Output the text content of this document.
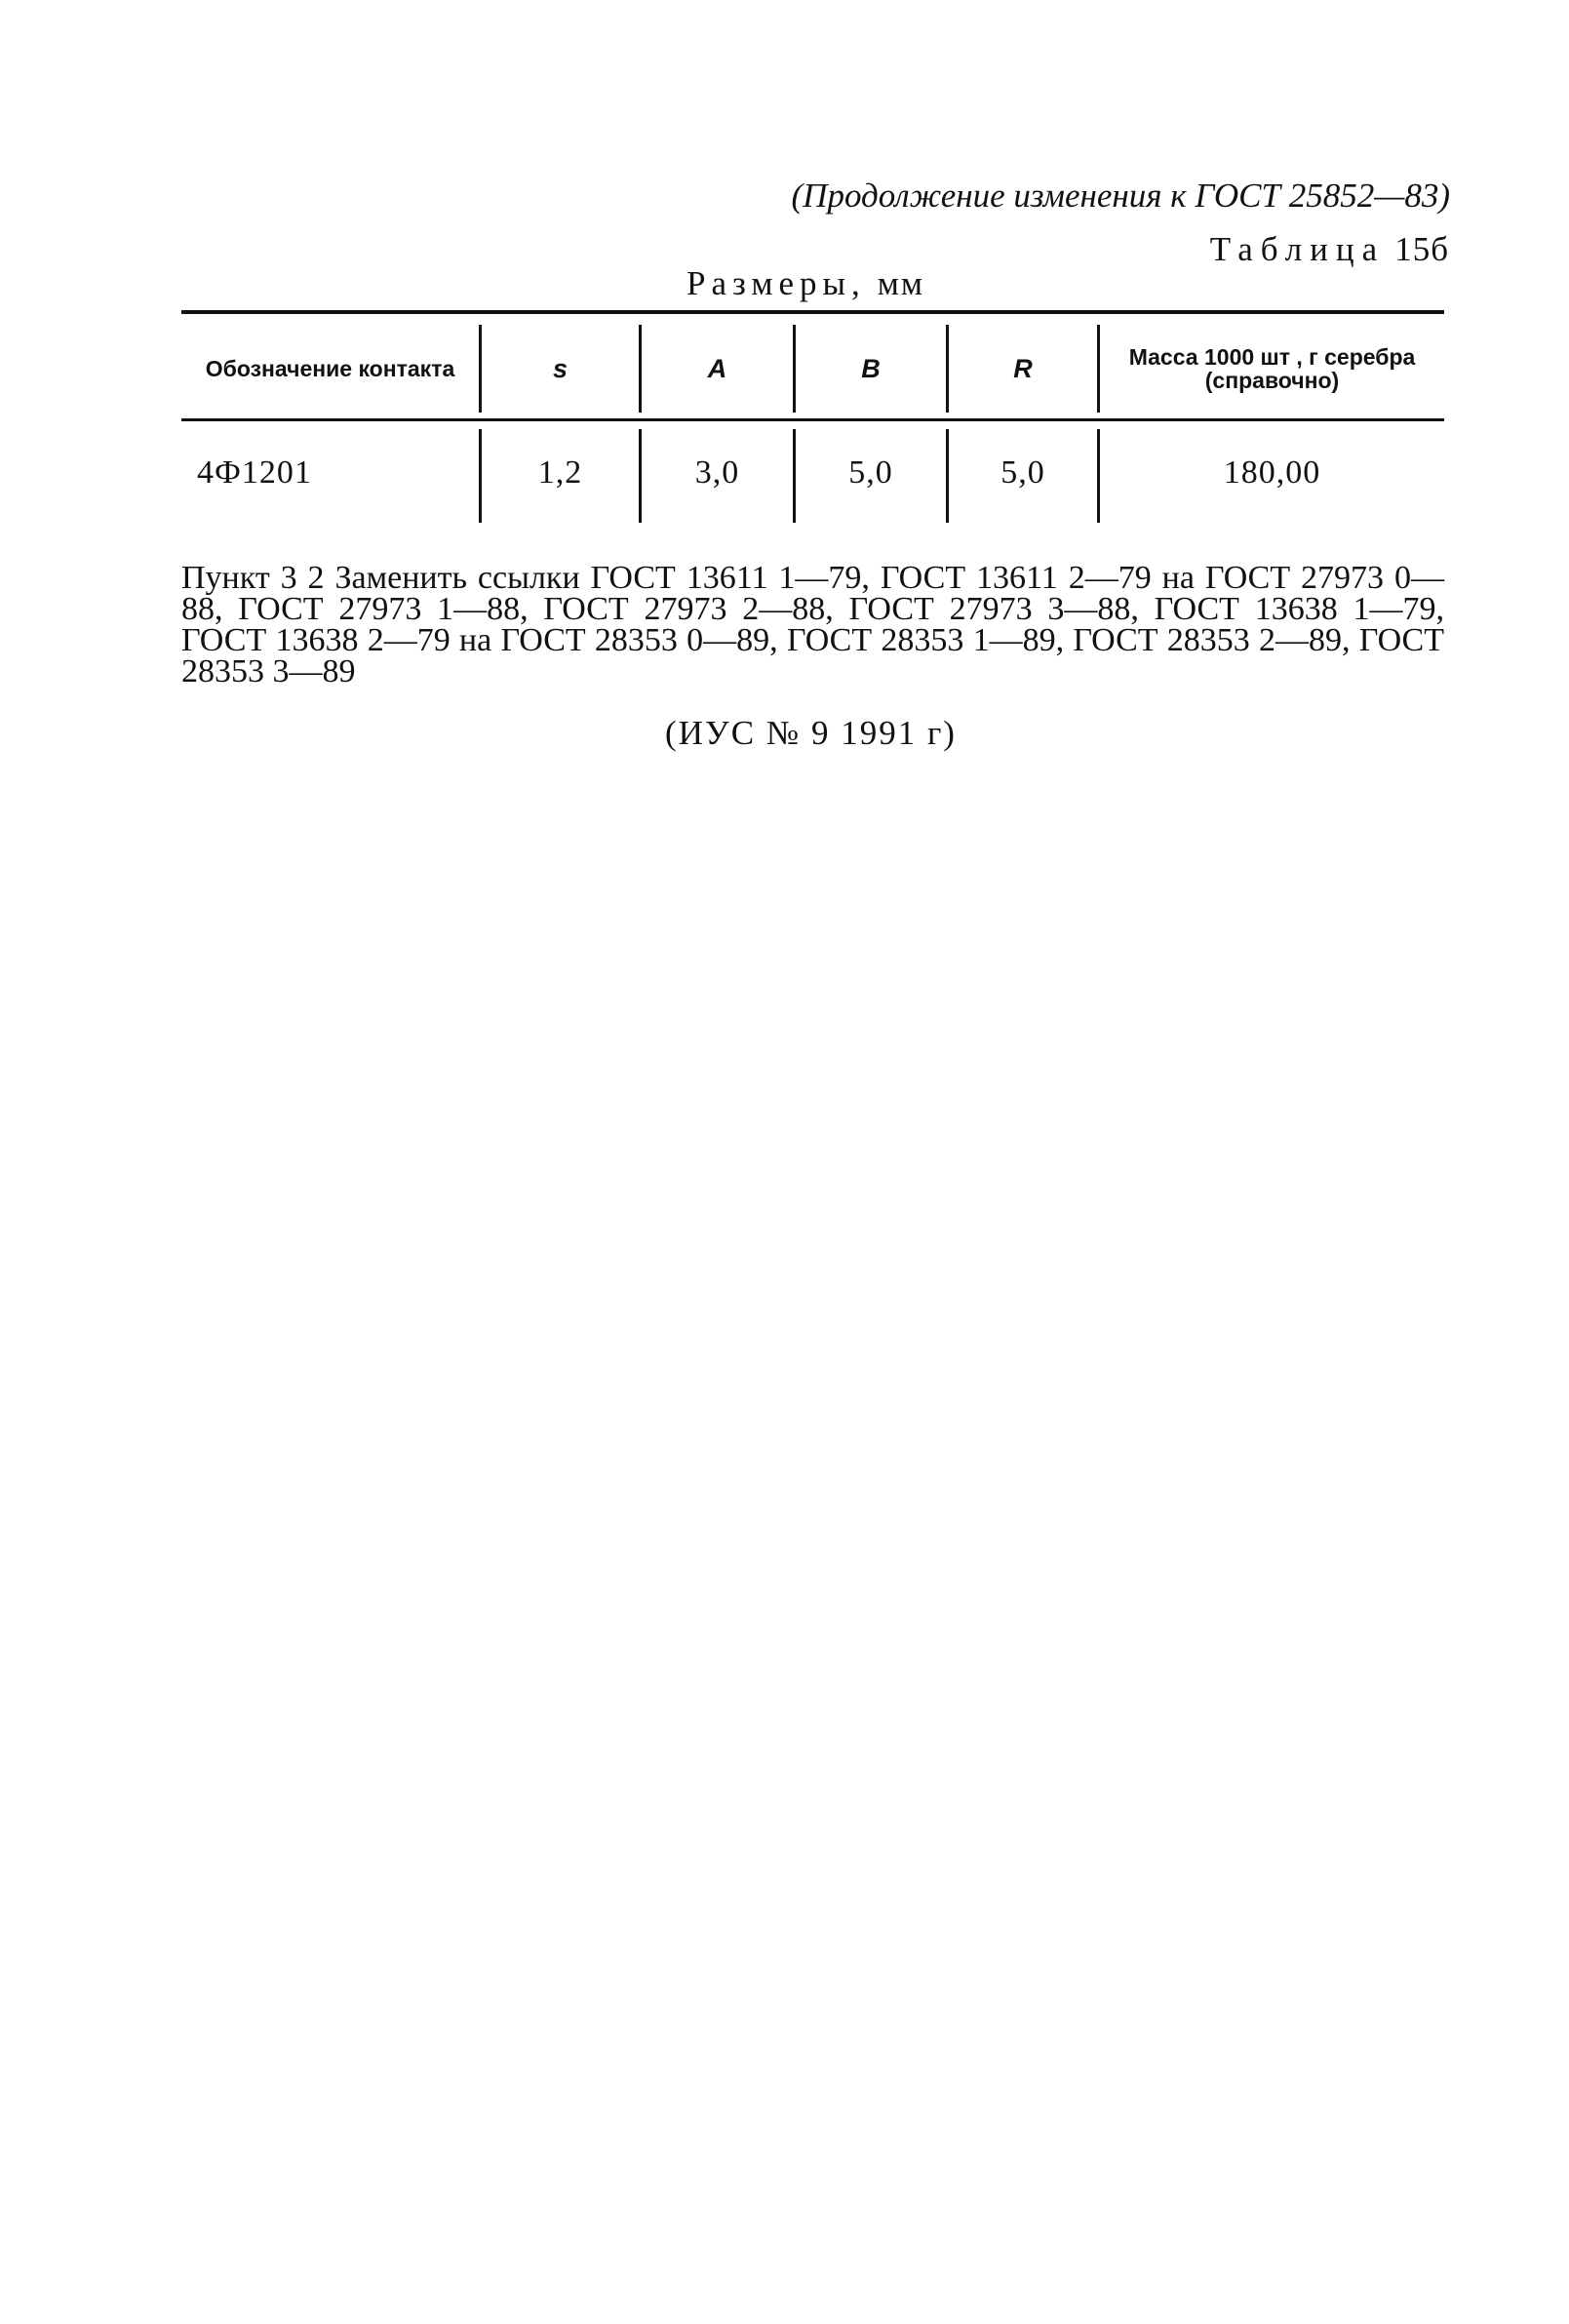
(Продолжение изменения к ГОСТ 25852—83)
Таблица 15б
Размеры, мм
Обозначение контакта	s	A	B	R	Масса 1000 шт , г серебра (справочно)
4Ф1201	1,2	3,0	5,0	5,0	180,00

Пункт 3 2 Заменить ссылки ГОСТ 13611 1—79, ГОСТ 13611 2—79 на ГОСТ 27973 0—88, ГОСТ 27973 1—88, ГОСТ 27973 2—88, ГОСТ 27973 3—88, ГОСТ 13638 1—79, ГОСТ 13638 2—79 на ГОСТ 28353 0—89, ГОСТ 28353 1—89, ГОСТ 28353 2—89, ГОСТ 28353 3—89

(ИУС № 9 1991 г)
